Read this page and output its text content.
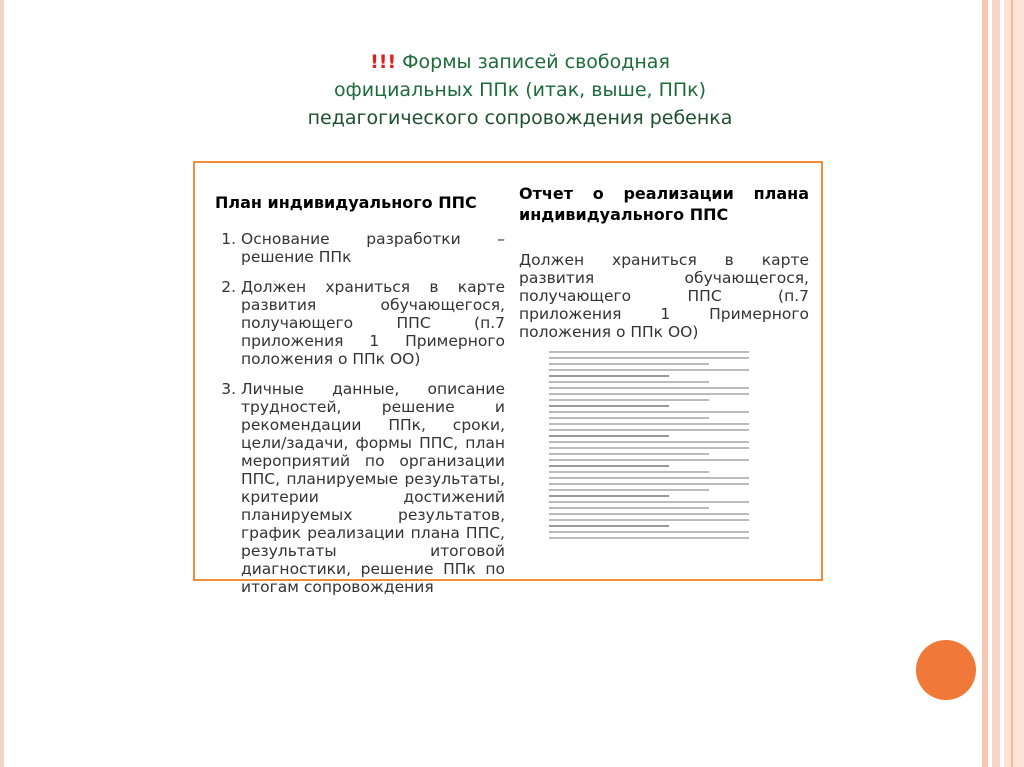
!!! Формы записей свободная
официальных ППк (итак, выше, ППк)
педагогического сопровождения ребенка
План индивидуального ППС
1. Основание разработки – решение ППк
2. Должен храниться в карте развития обучающегося, получающего ППС (п.7 приложения 1 Примерного положения о ППк ОО)
3. Личные данные, описание трудностей, решение и рекомендации ППк, сроки, цели/задачи, формы ППС, план мероприятий по организации ППС, планируемые результаты, критерии достижений планируемых результатов, график реализации плана ППС, результаты итоговой диагностики, решение ППк по итогам сопровождения
Отчет о реализации плана индивидуального ППС
Должен храниться в карте развития обучающегося, получающего ППС (п.7 приложения 1 Примерного положения о ППк ОО)
